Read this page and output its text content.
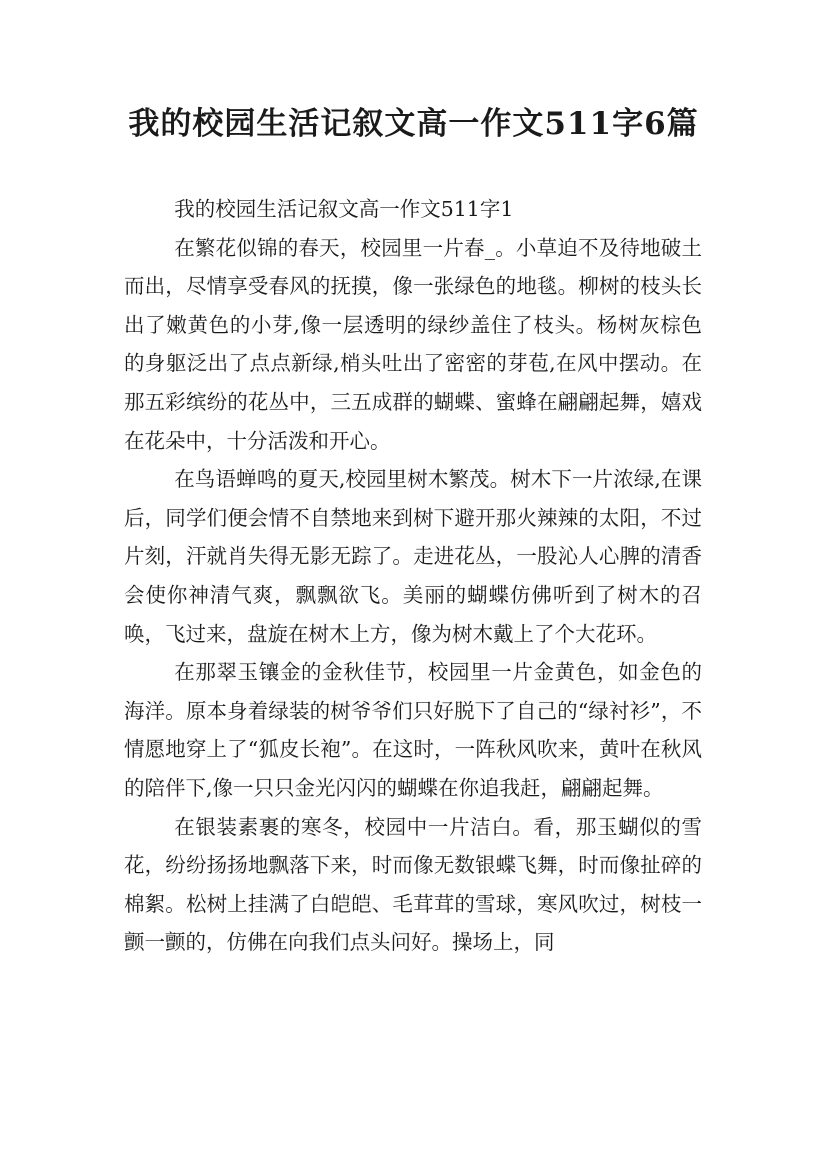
我的校园生活记叙文高一作文511字6篇

我的校园生活记叙文高一作文511字1

在繁花似锦的春天，校园里一片春_。小草迫不及待地破土而出，尽情享受春风的抚摸，像一张绿色的地毯。柳树的枝头长出了嫩黄色的小芽,像一层透明的绿纱盖住了枝头。杨树灰棕色的身躯泛出了点点新绿,梢头吐出了密密的芽苞,在风中摆动。在那五彩缤纷的花丛中，三五成群的蝴蝶、蜜蜂在翩翩起舞，嬉戏在花朵中，十分活泼和开心。

在鸟语蝉鸣的夏天,校园里树木繁茂。树木下一片浓绿,在课后，同学们便会情不自禁地来到树下避开那火辣辣的太阳，不过片刻，汗就肖失得无影无踪了。走进花丛，一股沁人心脾的清香会使你神清气爽，飘飘欲飞。美丽的蝴蝶仿佛听到了树木的召唤，飞过来，盘旋在树木上方，像为树木戴上了个大花环。

在那翠玉镶金的金秋佳节，校园里一片金黄色，如金色的海洋。原本身着绿装的树爷爷们只好脱下了自己的“绿衬衫”，不情愿地穿上了“狐皮长袍”。在这时，一阵秋风吹来，黄叶在秋风的陪伴下,像一只只金光闪闪的蝴蝶在你追我赶，翩翩起舞。

在银装素裹的寒冬，校园中一片洁白。看，那玉蝴似的雪花，纷纷扬扬地飘落下来，时而像无数银蝶飞舞，时而像扯碎的棉絮。松树上挂满了白皑皑、毛茸茸的雪球，寒风吹过，树枝一颤一颤的，仿佛在向我们点头问好。操场上，同
